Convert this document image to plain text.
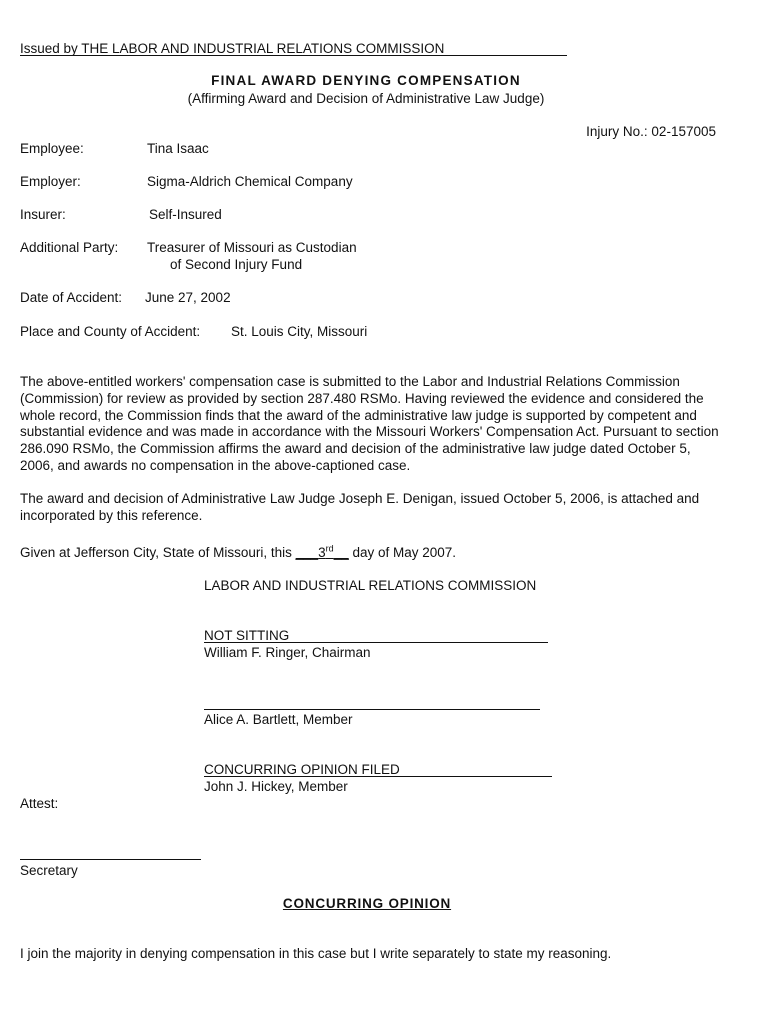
Issued by THE LABOR AND INDUSTRIAL RELATIONS COMMISSION
FINAL AWARD DENYING COMPENSATION
(Affirming Award and Decision of Administrative Law Judge)
Injury No.: 02-157005
Employee:	Tina Isaac
Employer:	Sigma-Aldrich Chemical Company
Insurer:	Self-Insured
Additional Party: Treasurer of Missouri as Custodian
of Second Injury Fund
Date of Accident: June 27, 2002
Place and County of Accident: St. Louis City, Missouri
The above-entitled workers' compensation case is submitted to the Labor and Industrial Relations Commission (Commission) for review as provided by section 287.480 RSMo. Having reviewed the evidence and considered the whole record, the Commission finds that the award of the administrative law judge is supported by competent and substantial evidence and was made in accordance with the Missouri Workers' Compensation Act. Pursuant to section 286.090 RSMo, the Commission affirms the award and decision of the administrative law judge dated October 5, 2006, and awards no compensation in the above-captioned case.
The award and decision of Administrative Law Judge Joseph E. Denigan, issued October 5, 2006, is attached and incorporated by this reference.
Given at Jefferson City, State of Missouri, this ___3rd__ day of May 2007.
LABOR AND INDUSTRIAL RELATIONS COMMISSION
NOT SITTING
William F. Ringer, Chairman
Alice A. Bartlett, Member
CONCURRING OPINION FILED
John J. Hickey, Member
Attest:
Secretary
CONCURRING OPINION
I join the majority in denying compensation in this case but I write separately to state my reasoning.
